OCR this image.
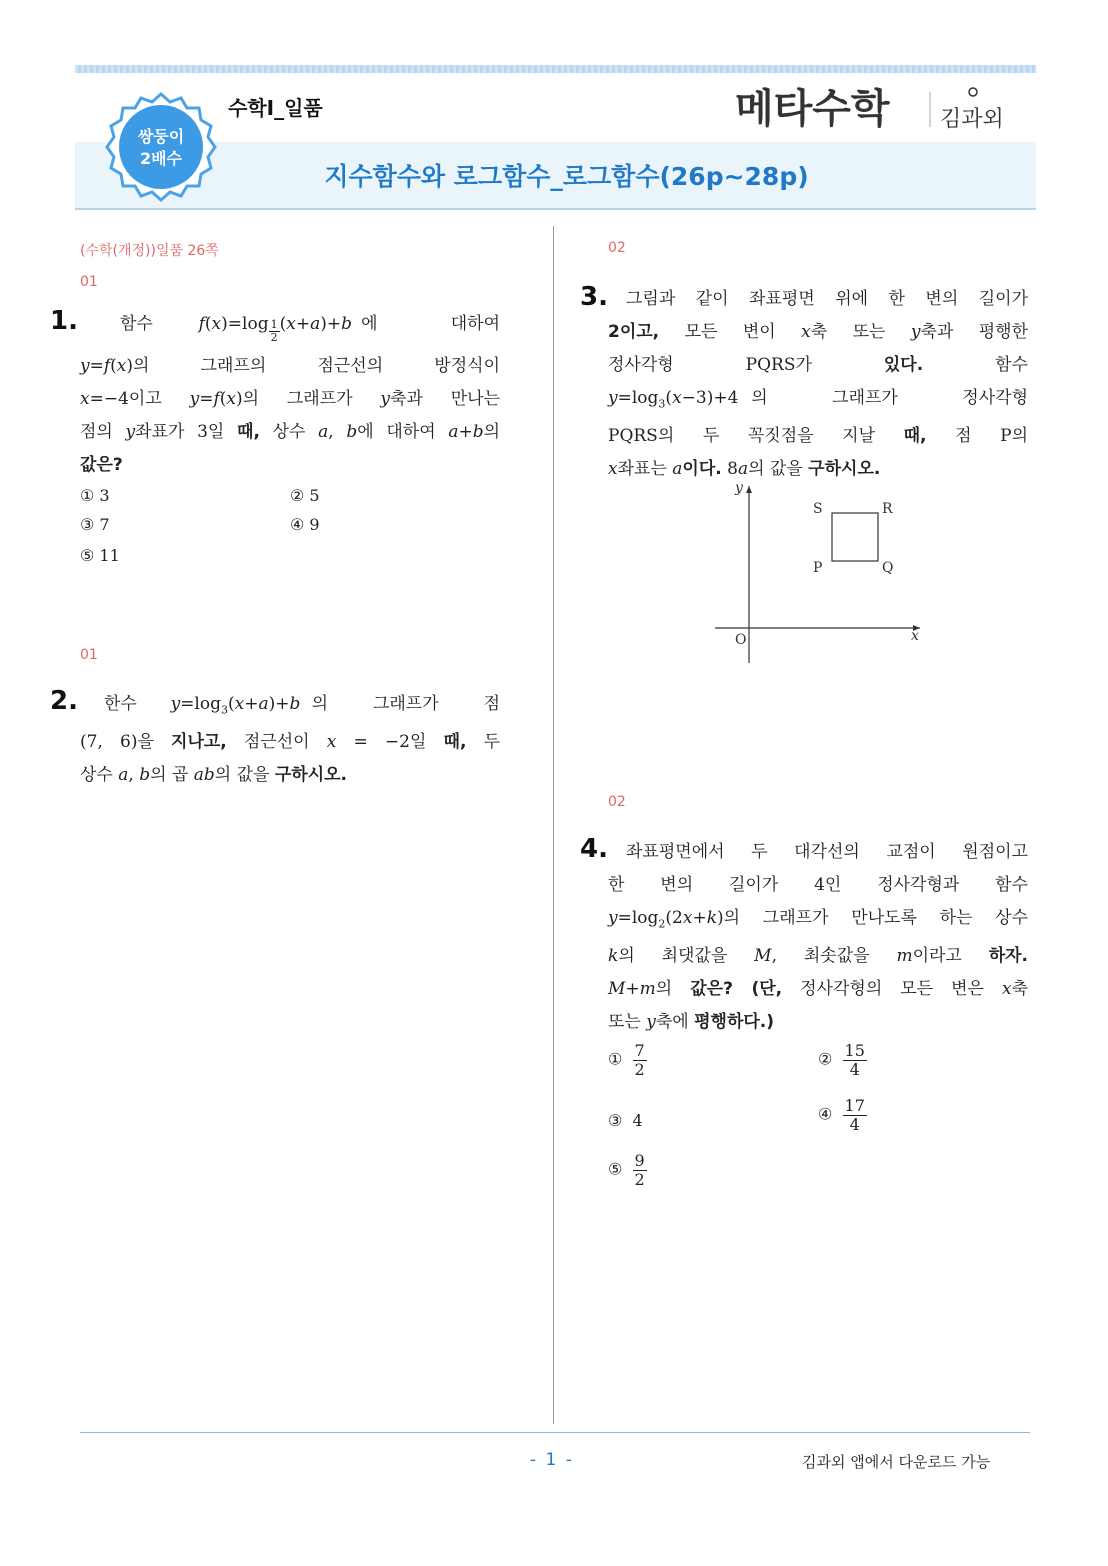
쌍둥이
2배수
수학Ⅰ_일품
지수함수와 로그함수_로그함수(26p~28p)
메타수학 김과외
(수학(개정))일품 26쪽
01
1.	함수	$f(x)=\log \frac{1}{2} (x+a)+b$ 에        대하여
y=f(x)의   그래프의   점근선의   방정식이
x=−4이고 y=f(x)의 그래프가 y축과 만나는
점의 y좌표가 3일 때, 상수 a, b에 대하여 a+b의
값은?
① 3	② 5
③ 7	④ 9
⑤ 11
01
2.	한수 $y=\log_3(x+a)+b$ 의    그래프가    점
(7, 6)을 지나고, 점근선이 x = −2일 때, 두
상수 a, b의 곱 ab의 값을 구하시오.
02
3.	그림과 같이 좌표평면 위에 한 변의 길이가
2이고, 모든 변이 x축 또는 y축과 평행한
정사각형       PQRS가       있다.       함수
$y=\log_3(x-3)+4$ 의     그래프가     정사각형
PQRS의 두 꼭짓점을 지날 때, 점 P의
x좌표는 a이다. 8a의 값을 구하시오.
x
y
O
P	Q
R
S
02
4.	좌표평면에서 두 대각선의 교점이 원점이고
한   변의   길이가   4인   정사각형과   함수
$y=\log_2(2x+k)$의 그래프가 만나도록 하는 상수
k의 최댓값을 M, 최솟값을 m이라고 하자.
M+m의 값은? (단, 정사각형의 모든 변은 x축
또는 y축에 평행하다.)
① $\frac{7}{2}$	② $\frac{15}{4}$
③ 4	④ $\frac{17}{4}$
⑤ $\frac{9}{2}$
- 1 -	김과외 앱에서 다운로드 가능
